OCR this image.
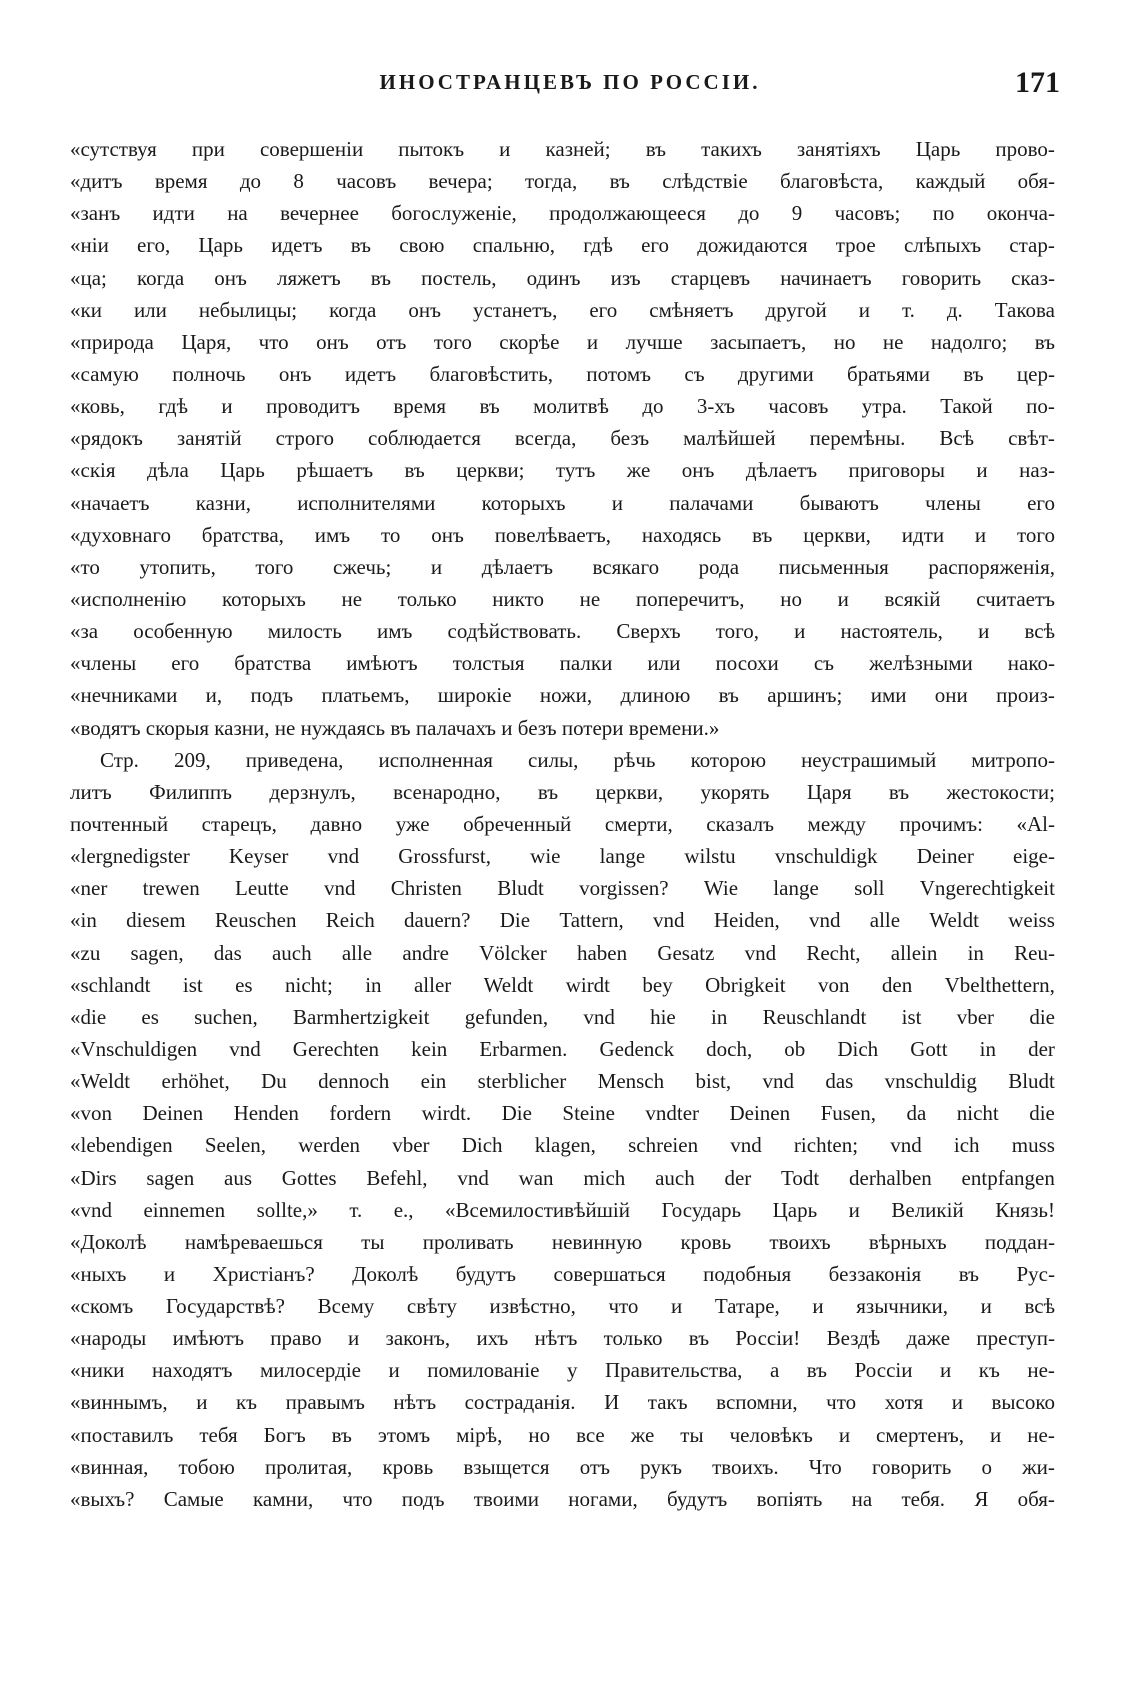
ИНОСТРАНЦЕВЪ ПО РОССІИ.	171
«сутствуя при совершеніи пытокъ и казней; въ такихъ занятіяхъ Царь прово-
«дитъ время до 8 часовъ вечера; тогда, въ слѣдствіе благовѣста, каждый обя-
«занъ идти на вечернее богослуженіе, продолжающееся до 9 часовъ; по оконча-
«ніи его, Царь идетъ въ свою спальню, гдѣ его дожидаются трое слѣпыхъ стар-
«ца; когда онъ ляжетъ въ постель, одинъ изъ старцевъ начинаетъ говорить сказ-
«ки или небылицы; когда онъ устанетъ, его смѣняетъ другой и т. д. Такова
«природа Царя, что онъ отъ того скорѣе и лучше засыпаетъ, но не надолго; въ
«самую полночь онъ идетъ благовѣстить, потомъ съ другими братьями въ цер-
«ковь, гдѣ и проводитъ время въ молитвѣ до 3-хъ часовъ утра. Такой по-
«рядокъ занятій строго соблюдается всегда, безъ малѣйшей перемѣны. Всѣ свѣт-
«скія дѣла Царь рѣшаетъ въ церкви; тутъ же онъ дѣлаетъ приговоры и наз-
«начаетъ казни, исполнителями которыхъ и палачами бываютъ члены его
«духовнаго братства, имъ то онъ повелѣваетъ, находясь въ церкви, идти и того
«то утопить, того сжечь; и дѣлаетъ всякаго рода письменныя распоряженія,
«исполненію которыхъ не только никто не поперечитъ, но и всякій считаетъ
«за особенную милость имъ содѣйствовать. Сверхъ того, и настоятель, и всѣ
«члены его братства имѣютъ толстыя палки или посохи съ желѣзными нако-
«нечниками и, подъ платьемъ, широкіе ножи, длиною въ аршинъ; ими они произ-
«водятъ скорыя казни, не нуждаясь въ палачахъ и безъ потери времени.»
Стр. 209, приведена, исполненная силы, рѣчь которою неустрашимый митропо-
литъ Филиппъ дерзнулъ, всенародно, въ церкви, укорять Царя въ жестокости;
почтенный старецъ, давно уже обреченный смерти, сказалъ между прочимъ: «Al-
«lergnedigster Keyser vnd Grossfurst, wie lange wilstu vnschuldigk Deiner eige-
«ner trewen Leutte vnd Christen Bludt vorgissen? Wie lange soll Vngerechtigkeit
«in diesem Reuschen Reich dauern? Die Tattern, vnd Heiden, vnd alle Weldt weiss
«zu sagen, das auch alle andre Völcker haben Gesatz vnd Recht, allein in Reu-
«schlandt ist es nicht; in aller Weldt wirdt bey Obrigkeit von den Vbelthettern,
«die es suchen, Barmhertzigkeit gefunden, vnd hie in Reuschlandt ist vber die
«Vnschuldigen vnd Gerechten kein Erbarmen. Gedenck doch, ob Dich Gott in der
«Weldt erhöhet, Du dennoch ein sterblicher Mensch bist, vnd das vnschuldig Bludt
«von Deinen Henden fordern wirdt. Die Steine vndter Deinen Fusen, da nicht die
«lebendigen Seelen, werden vber Dich klagen, schreien vnd richten; vnd ich muss
«Dirs sagen aus Gottes Befehl, vnd wan mich auch der Todt derhalben entpfangen
«vnd einnemen sollte,» т. е., «Всемилостивѣйшій Государь Царь и Великій Князь!
«Доколѣ намѣреваешься ты проливать невинную кровь твоихъ вѣрныхъ поддан-
«ныхъ и Христіанъ? Доколѣ будутъ совершаться подобныя беззаконія въ Рус-
«скомъ Государствѣ? Всему свѣту извѣстно, что и Татаре, и язычники, и всѣ
«народы имѣютъ право и законъ, ихъ нѣтъ только въ Россіи! Вездѣ даже преступ-
«ники находятъ милосердіе и помилованіе у Правительства, а въ Россіи и къ не-
«виннымъ, и къ правымъ нѣтъ состраданія. И такъ вспомни, что хотя и высоко
«поставилъ тебя Богъ въ этомъ мірѣ, но все же ты человѣкъ и смертенъ, и не-
«винная, тобою пролитая, кровь взыщется отъ рукъ твоихъ. Что говорить о жи-
«выхъ? Самые камни, что подъ твоими ногами, будутъ вопіять на тебя. Я обя-
